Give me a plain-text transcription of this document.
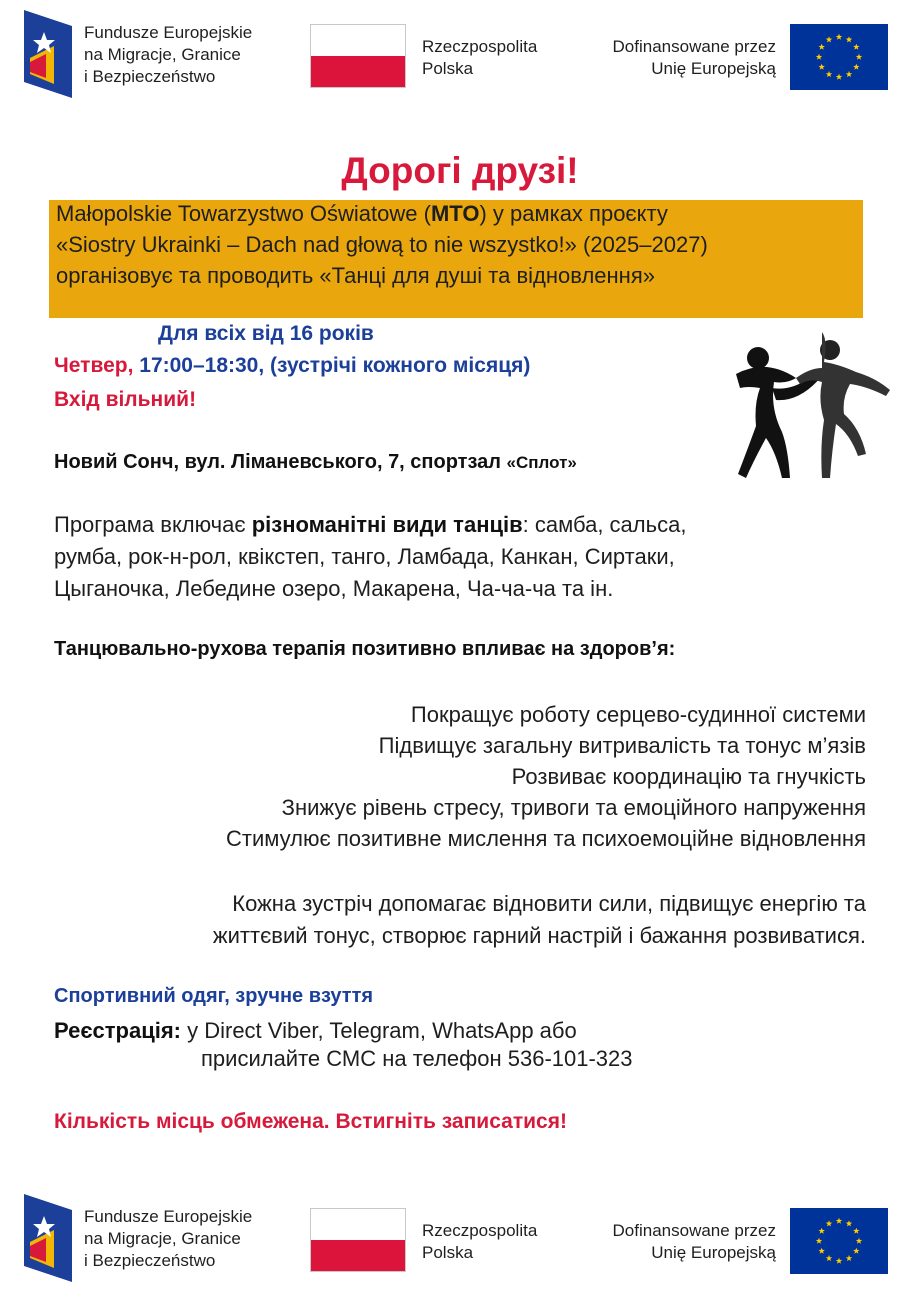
Fundusze Europejskie
na Migracje, Granice
i Bezpieczeństwo
Rzeczpospolita
Polska
Dofinansowane przez
Unię Europejską
Дорогі друзі!
Małopolskie Towarzystwo Oświatowe (MTO) у рамках проєкту
«Siostry Ukrainki – Dach nad głową to nie wszystko!» (2025–2027)
організовує та проводить «Танці для душі та відновлення»
Для всіх від 16 років
Четвер, 17:00–18:30, (зустрічі кожного місяця)
Вхід вільний!
Новий Сонч, вул. Ліманевського, 7, спортзал «Сплот»
Програма включає різноманітні види танців: самба, сальса,
румба, рок-н-рол, квікстеп, танго, Ламбада, Канкан, Сиртаки,
Цыганочка, Лебедине озеро, Макарена, Ча-ча-ча та ін.
Танцювально-рухова терапія позитивно впливає на здоров’я:
Покращує роботу серцево-судинної системи
Підвищує загальну витривалість та тонус м’язів
Розвиває координацію та гнучкість
Знижує рівень стресу, тривоги та емоційного напруження
Стимулює позитивне мислення та психоемоційне відновлення
Кожна зустріч допомагає відновити сили, підвищує енергію та
життєвий тонус, створює гарний настрій і бажання розвиватися.
Спортивний одяг, зручне взуття
Реєстрація: у Direct Viber, Telegram, WhatsApp або
присилайте СМС на телефон 536-101-323
Кількість місць обмежена. Встигніть записатися!
Fundusze Europejskie
na Migracje, Granice
i Bezpieczeństwo
Rzeczpospolita
Polska
Dofinansowane przez
Unię Europejską
